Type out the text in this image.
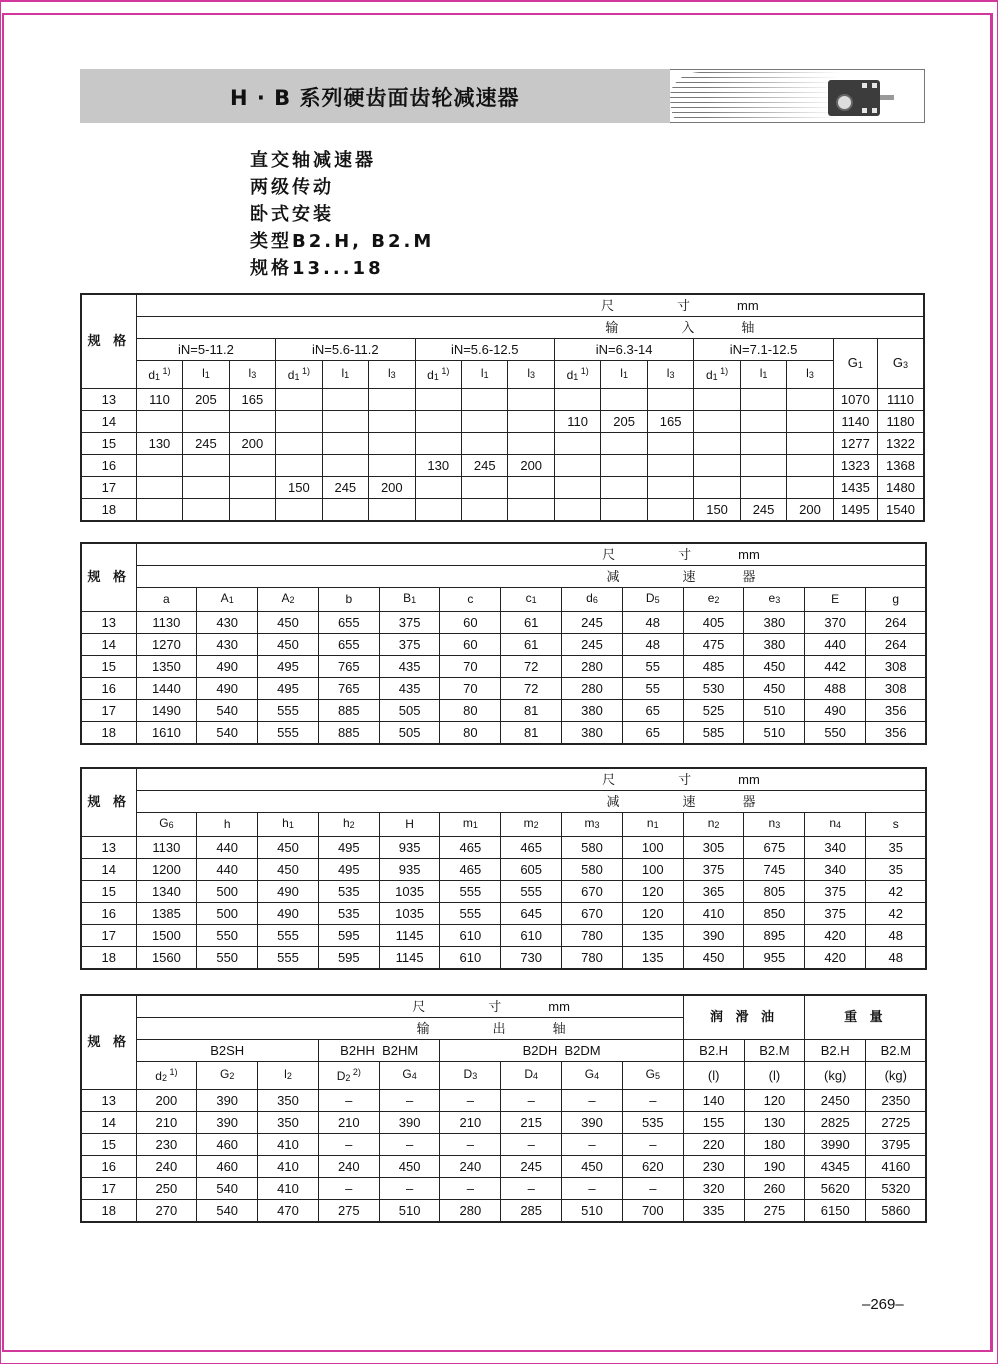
H · B 系列硬齿面齿轮减速器
直交轴减速器
两级传动
卧式安装
类型B2.H, B2.M
规格13...18
规 格	尺 寸 mm																
	输 入 轴																
	iN=5-11.2			iN=5.6-11.2			iN=5.6-12.5			iN=6.3-14			iN=7.1-12.5			$G_1$	$G_3$
	$d_1$ $^{1)}$	$l_1$	$l_3$	$d_1$ $^{1)}$	$l_1$	$l_3$	$d_1$ $^{1)}$	$l_1$	$l_3$	$d_1$ $^{1)}$	$l_1$	$l_3$	$d_1$ $^{1)}$	$l_1$	$l_3$
13	110	205	165													1070	1110
14										110	205	165				1140	1180
15	130	245	200													1277	1322
16							130	245	200							1323	1368
17				150	245	200										1435	1480
18													150	245	200	1495	1540
规 格	尺 寸 mm												
	减 速 器												
	a	$A_1$	$A_2$	b	$B_1$	c	$c_1$	$d_6$	$D_5$	$e_2$	$e_3$	E	g
13	1130	430	450	655	375	60	61	245	48	405	380	370	264
14	1270	430	450	655	375	60	61	245	48	475	380	440	264
15	1350	490	495	765	435	70	72	280	55	485	450	442	308
16	1440	490	495	765	435	70	72	280	55	530	450	488	308
17	1490	540	555	885	505	80	81	380	65	525	510	490	356
18	1610	540	555	885	505	80	81	380	65	585	510	550	356
规 格	尺 寸 mm												
	减 速 器												
	$G_6$	h	$h_1$	$h_2$	H	$m_1$	$m_2$	$m_3$	$n_1$	$n_2$	$n_3$	$n_4$	s
13	1130	440	450	495	935	465	465	580	100	305	675	340	35
14	1200	440	450	495	935	465	605	580	100	375	745	340	35
15	1340	500	490	535	1035	555	555	670	120	365	805	375	42
16	1385	500	490	535	1035	555	645	670	120	410	850	375	42
17	1500	550	555	595	1145	610	610	780	135	390	895	420	48
18	1560	550	555	595	1145	610	730	780	135	450	955	420	48
规 格	尺 寸 mm									润 滑 油		重 量	
	输 出 轴												
	B2SH			B2HH  B2HM		B2DH  B2DM				B2.H	B2.M	B2.H	B2.M
	$d_2$ $^{1)}$	$G_2$	$l_2$	$D_2$ $^{2)}$	$G_4$	$D_3$	$D_4$	$G_4$	$G_5$	(l)	(l)	(kg)	(kg)
13	200	390	350	–	–	–	–	–	–	140	120	2450	2350
14	210	390	350	210	390	210	215	390	535	155	130	2825	2725
15	230	460	410	–	–	–	–	–	–	220	180	3990	3795
16	240	460	410	240	450	240	245	450	620	230	190	4345	4160
17	250	540	410	–	–	–	–	–	–	320	260	5620	5320
18	270	540	470	275	510	280	285	510	700	335	275	6150	5860
–269–
